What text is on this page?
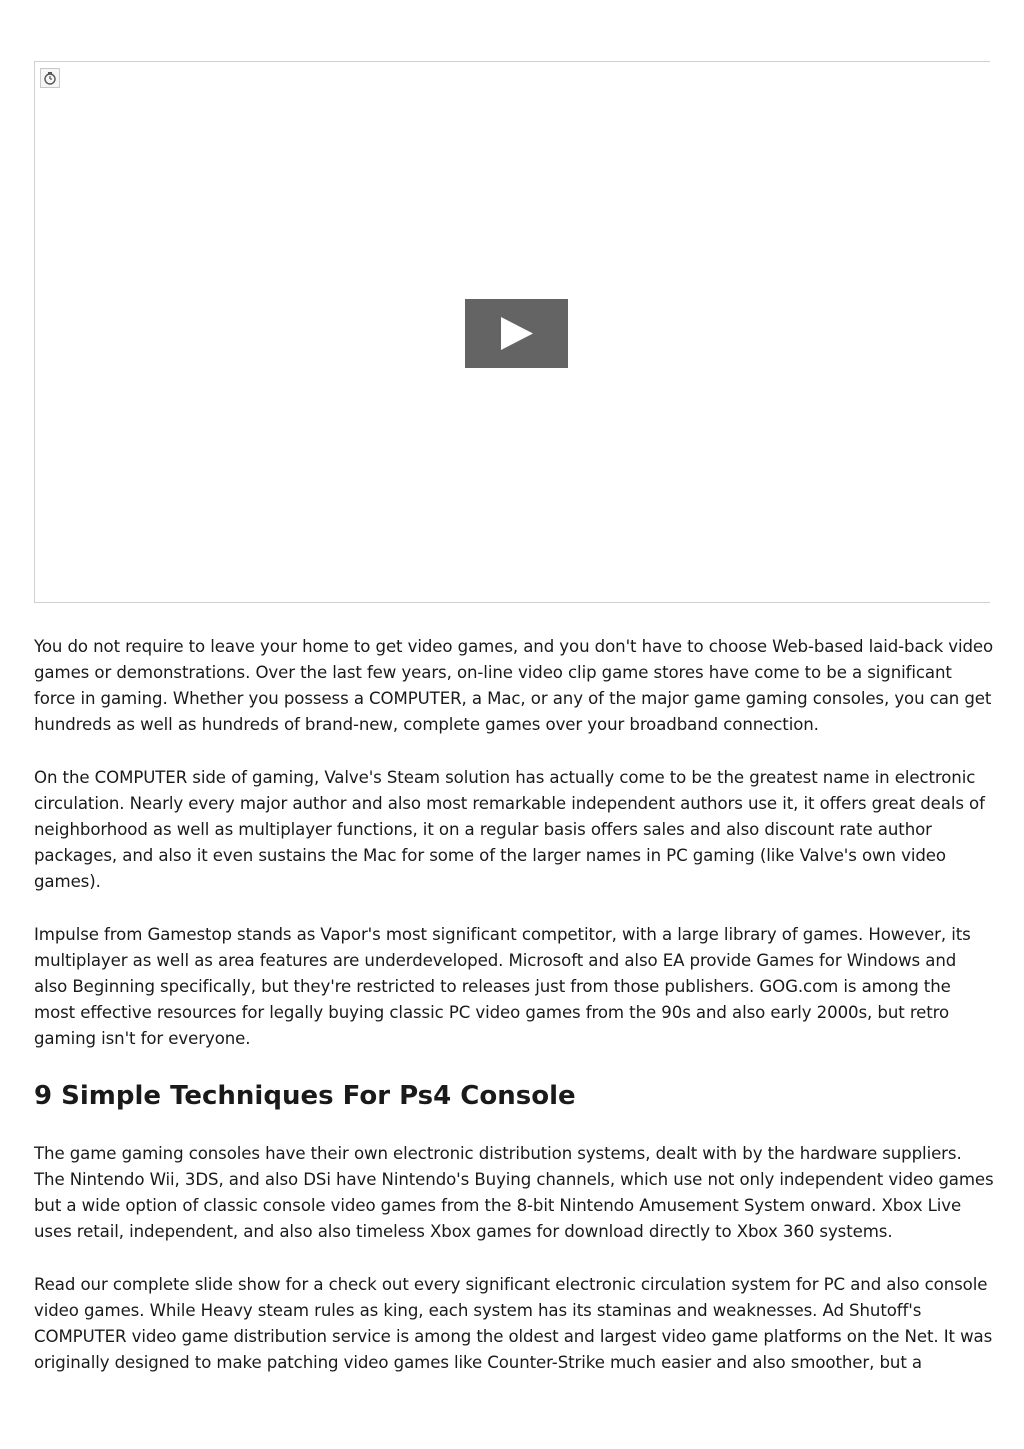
You do not require to leave your home to get video games, and you don't have to choose Web-based laid-back video games or demonstrations. Over the last few years, on-line video clip game stores have come to be a significant force in gaming. Whether you possess a COMPUTER, a Mac, or any of the major game gaming consoles, you can get hundreds as well as hundreds of brand-new, complete games over your broadband connection.

On the COMPUTER side of gaming, Valve's Steam solution has actually come to be the greatest name in electronic circulation. Nearly every major author and also most remarkable independent authors use it, it offers great deals of neighborhood as well as multiplayer functions, it on a regular basis offers sales and also discount rate author packages, and also it even sustains the Mac for some of the larger names in PC gaming (like Valve's own video games).

Impulse from Gamestop stands as Vapor's most significant competitor, with a large library of games. However, its multiplayer as well as area features are underdeveloped. Microsoft and also EA provide Games for Windows and also Beginning specifically, but they're restricted to releases just from those publishers. GOG.com is among the most effective resources for legally buying classic PC video games from the 90s and also early 2000s, but retro gaming isn't for everyone.

9 Simple Techniques For Ps4 Console

The game gaming consoles have their own electronic distribution systems, dealt with by the hardware suppliers. The Nintendo Wii, 3DS, and also DSi have Nintendo's Buying channels, which use not only independent video games but a wide option of classic console video games from the 8-bit Nintendo Amusement System onward. Xbox Live uses retail, independent, and also also timeless Xbox games for download directly to Xbox 360 systems.

Read our complete slide show for a check out every significant electronic circulation system for PC and also console video games. While Heavy steam rules as king, each system has its staminas and weaknesses. Ad Shutoff's COMPUTER video game distribution service is among the oldest and largest video game platforms on the Net. It was originally designed to make patching video games like Counter-Strike much easier and also smoother, but a
